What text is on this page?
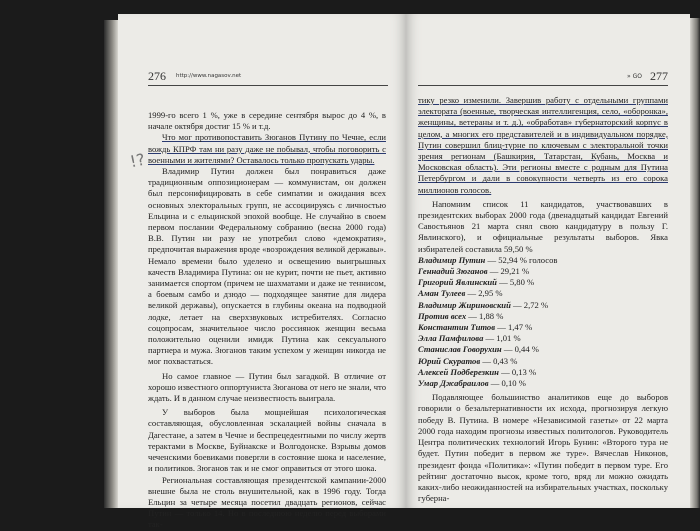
276 http://www.nagasov.net
!?

1999-го всего 1 %, уже в середине сентября вырос до 4 %, в начале октября достиг 15 % и т.д.

Что мог противопоставить Зюганов Путину по Чечне, если вождь КПРФ там ни разу даже не побывал, чтобы поговорить с военными и жителями? Оставалось только пропускать удары.

Владимир Путин должен был понравиться даже традиционным оппозиционерам — коммунистам, он должен был персонифицировать в себе симпатии и ожидания всех основных электоральных групп, не ассоциируясь с личностью Ельцина и с ельцинской эпохой вообще. Не случайно в своем первом послании Федеральному собранию (весна 2000 года) В.В. Путин ни разу не употребил слово «демократия», предпочитая выражения вроде «возрождения великой державы». Немало времени было уделено и освещению выигрышных качеств Владимира Путина: он не курит, почти не пьет, активно занимается спортом (причем не шахматами и даже не теннисом, а боевым самбо и дзюдо — подходящее занятие для лидера великой державы), опускается в глубины океана на подводной лодке, летает на сверхзвуковых истребителях. Согласно соцопросам, значительное число россиянок женщин весьма положительно оценили имидж Путина как сексуального партнера и мужа. Зюганов таким успехом у женщин никогда не мог похвастаться.

Но самое главное — Путин был загадкой. В отличие от хорошо известного оппортуниста Зюганова от него не знали, что ждать. И в данном случае неизвестность выиграла.

У выборов была мощнейшая психологическая составляющая, обусловленная эскалацией войны сначала в Дагестане, а затем в Чечне и беспрецедентными по числу жертв терактами в Москве, Буйнакске и Волгодонске. Взрывы домов чеченскими боевиками повергли в состояние шока и население, и политиков. Зюганов так и не смог оправиться от этого шока.

Региональная составляющая президентской кампании-2000 внешне была не столь внушительной, как в 1996 году. Тогда Ельцин за четыре месяца посетил двадцать регионов, сейчас Путин — только 14. Но в последнюю неделю перед выборами так-

» GO 277

тику резко изменили. Завершив работу с отдельными группами электората (военные, творческая интеллигенция, село, «оборонка», женщины, ветераны и т. д.), «обработав» губернаторский корпус в целом, а многих его представителей и в индивидуальном порядке, Путин совершил блиц-турне по ключевым с электоральной точки зрения регионам (Башкирия, Татарстан, Кубань, Москва и Московская область). Эти регионы вместе с родным для Путина Петербургом и дали в совокупности четверть из его сорока миллионов голосов.

Напомним список 11 кандидатов, участвовавших в президентских выборах 2000 года (двенадцатый кандидат Евгений Савостьянов 21 марта снял свою кандидатуру в пользу Г. Явлинского), и официальные результаты выборов. Явка избирателей составила 59,50 %

Владимир Путин — 52,94 % голосов
Геннадий Зюганов — 29,21 %
Григорий Явлинский — 5,80 %
Аман Тулеев — 2,95 %
Владимир Жириновский — 2,72 %
Против всех — 1,88 %
Константин Титов — 1,47 %
Элла Памфилова — 1,01 %
Станислав Говорухин — 0,44 %
Юрий Скуратов — 0,43 %
Алексей Подберезкин — 0,13 %
Умар Джабраилов — 0,10 %

Подавляющее большинство аналитиков еще до выборов говорили о безальтернативности их исхода, прогнозируя легкую победу В. Путина. В номере «Независимой газеты» от 22 марта 2000 года находим прогнозы известных политологов. Руководитель Центра политических технологий Игорь Бунин: «Второго тура не будет. Путин победит в первом же туре». Вячеслав Никонов, президент фонда «Политика»: «Путин победит в первом туре. Его рейтинг достаточно высок, кроме того, вряд ли можно ожидать каких-либо неожиданностей на избирательных участках, поскольку губерна-
